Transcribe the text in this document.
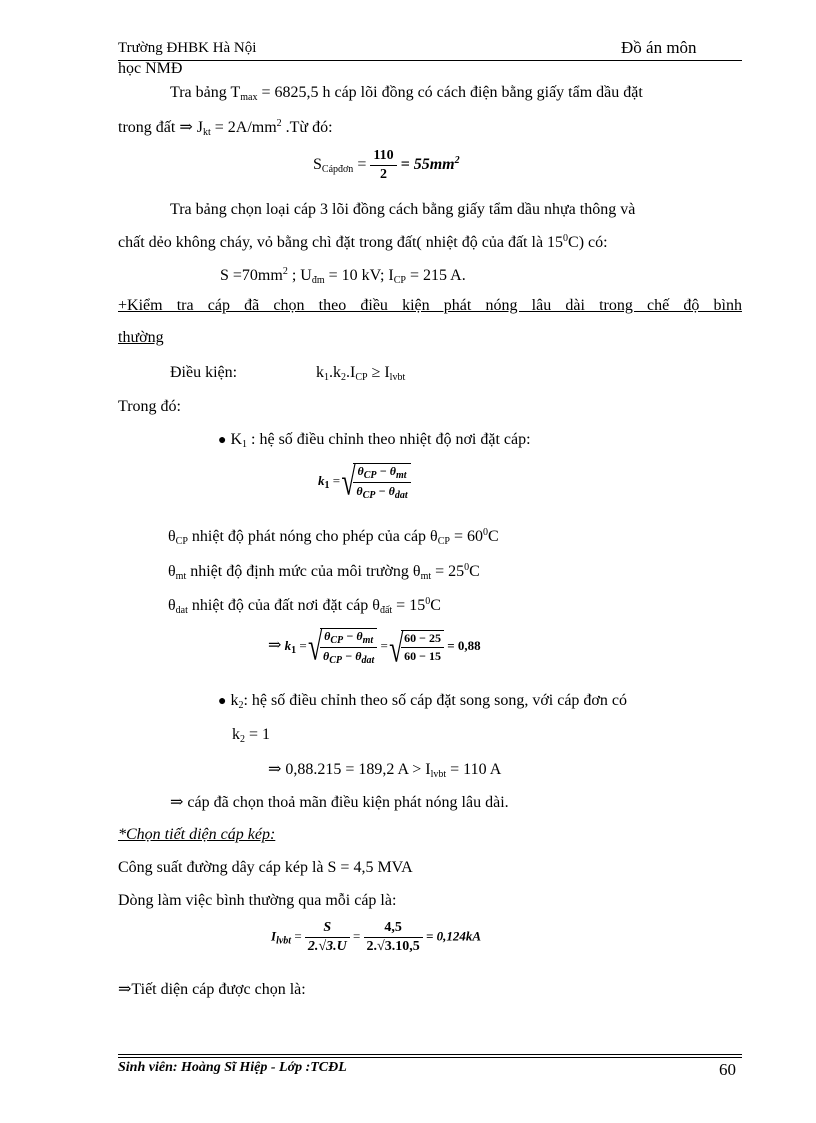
Trường ĐHBK Hà Nội	Đồ án môn
học NMĐ
Tra bảng $T_{max} = 6825,5$ h cáp lõi đồng có cách điện bằng giấy tẩm dầu đặt
trong đất ⇒ $J_{kt} = 2A/mm^2$ .Từ đó:
$S_{Cápđơn} = \frac{110}{2} = 55mm^2$
Tra bảng chọn loại cáp 3 lõi đồng cách bằng giấy tẩm dầu nhựa thông và
chất dẻo không cháy, vỏ bằng chì đặt trong đất( nhiệt độ của đất là $15^0C$) có:
$S =70mm^2$ ; $U_{đm} = 10$ kV; $I_{CP} = 215$ A.
+Kiểm tra cáp đã chọn theo điều kiện phát nóng lâu dài trong chế độ bình
thường
Điều kiện:	$k_1.k_2.I_{CP} \ge I_{lvbt}$
Trong đó:
● $K_1$ : hệ số điều chỉnh theo nhiệt độ nơi đặt cáp:
$k_1$ = √ $\frac{\theta_{CP} - \theta_{mt}}{\theta_{CP} - \theta_{dat}}$
$\theta_{CP}$ nhiệt độ phát nóng cho phép của cáp $\theta_{CP} = 60^0C$
$\theta_{mt}$ nhiệt độ định mức của môi trường $\theta_{mt} = 25^0C$
$\theta_{dat}$ nhiệt độ của đất nơi đặt cáp $\theta_{đất} = 15^0C$
⇒ $k_1$ = √ $\frac{\theta_{CP} - \theta_{mt}}{\theta_{CP} - \theta_{dat}}$ = √ $\frac{60 - 25}{60 - 15} = 0,88$
● $k_2$: hệ số điều chỉnh theo số cáp đặt song song, với cáp đơn có
$k_2 = 1$
⇒ 0,88.215 = 189,2 $A > I_{lvbt} = 110$ A
⇒ cáp đã chọn thoả mãn điều kiện phát nóng lâu dài.
*Chọn tiết diện cáp kép:
Công suất đường dây cáp kép là S = 4,5 MVA
Dòng làm việc bình thường qua mỗi cáp là:
$I_{lvbt} = \frac{S}{2.√3.U} = \frac{4,5}{2.√3.10,5} = 0,124kA$
⇒Tiết diện cáp được chọn là:
Sinh viên: Hoàng Sĩ Hiệp - Lớp :TCĐL	60
